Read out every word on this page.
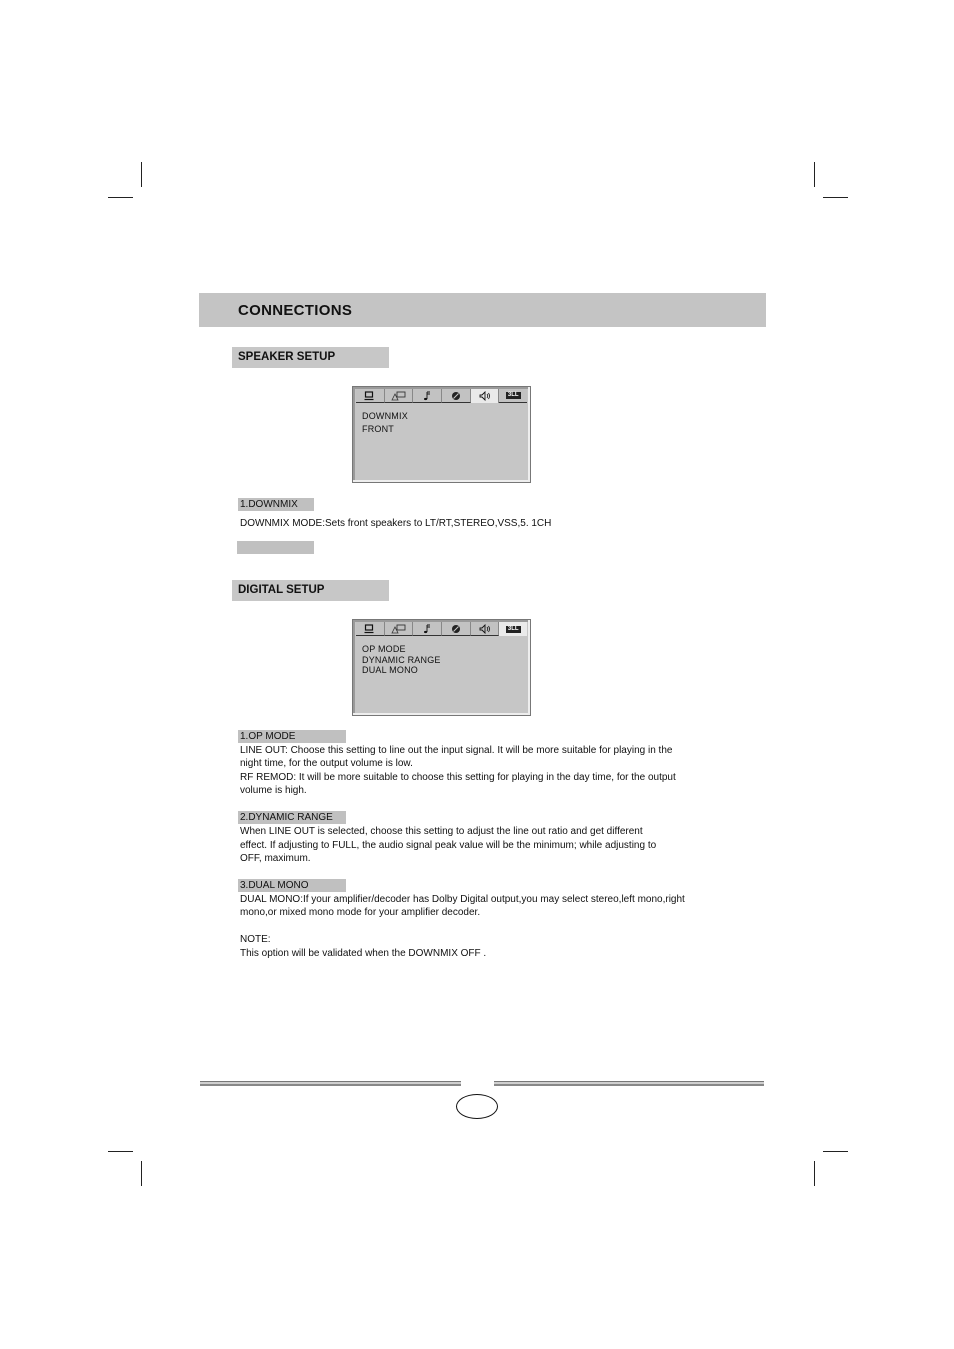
CONNECTIONS
SPEAKER SETUP
3LL
DOWNMIX
FRONT
1.DOWNMIX
DOWNMIX MODE:Sets front speakers to LT/RT,STEREO,VSS,5. 1CH
DIGITAL SETUP
3LL
OP MODE
DYNAMIC RANGE
DUAL MONO
1.OP MODE
LINE OUT: Choose this setting to line out the input signal. It will be more suitable for playing in the
night time, for the output volume is low.
RF REMOD: It will be more suitable to choose this setting for playing in the day time, for the output
volume is high.
2.DYNAMIC RANGE
When LINE OUT is selected, choose this setting to adjust the line out ratio and get different
effect. If adjusting to FULL, the audio signal peak value will be the minimum; while adjusting to
OFF, maximum.
3.DUAL MONO
DUAL MONO:If your amplifier/decoder has Dolby Digital output,you may select stereo,left mono,right
mono,or mixed mono mode for your amplifier decoder.
NOTE:
This option will be validated when the DOWNMIX OFF .
